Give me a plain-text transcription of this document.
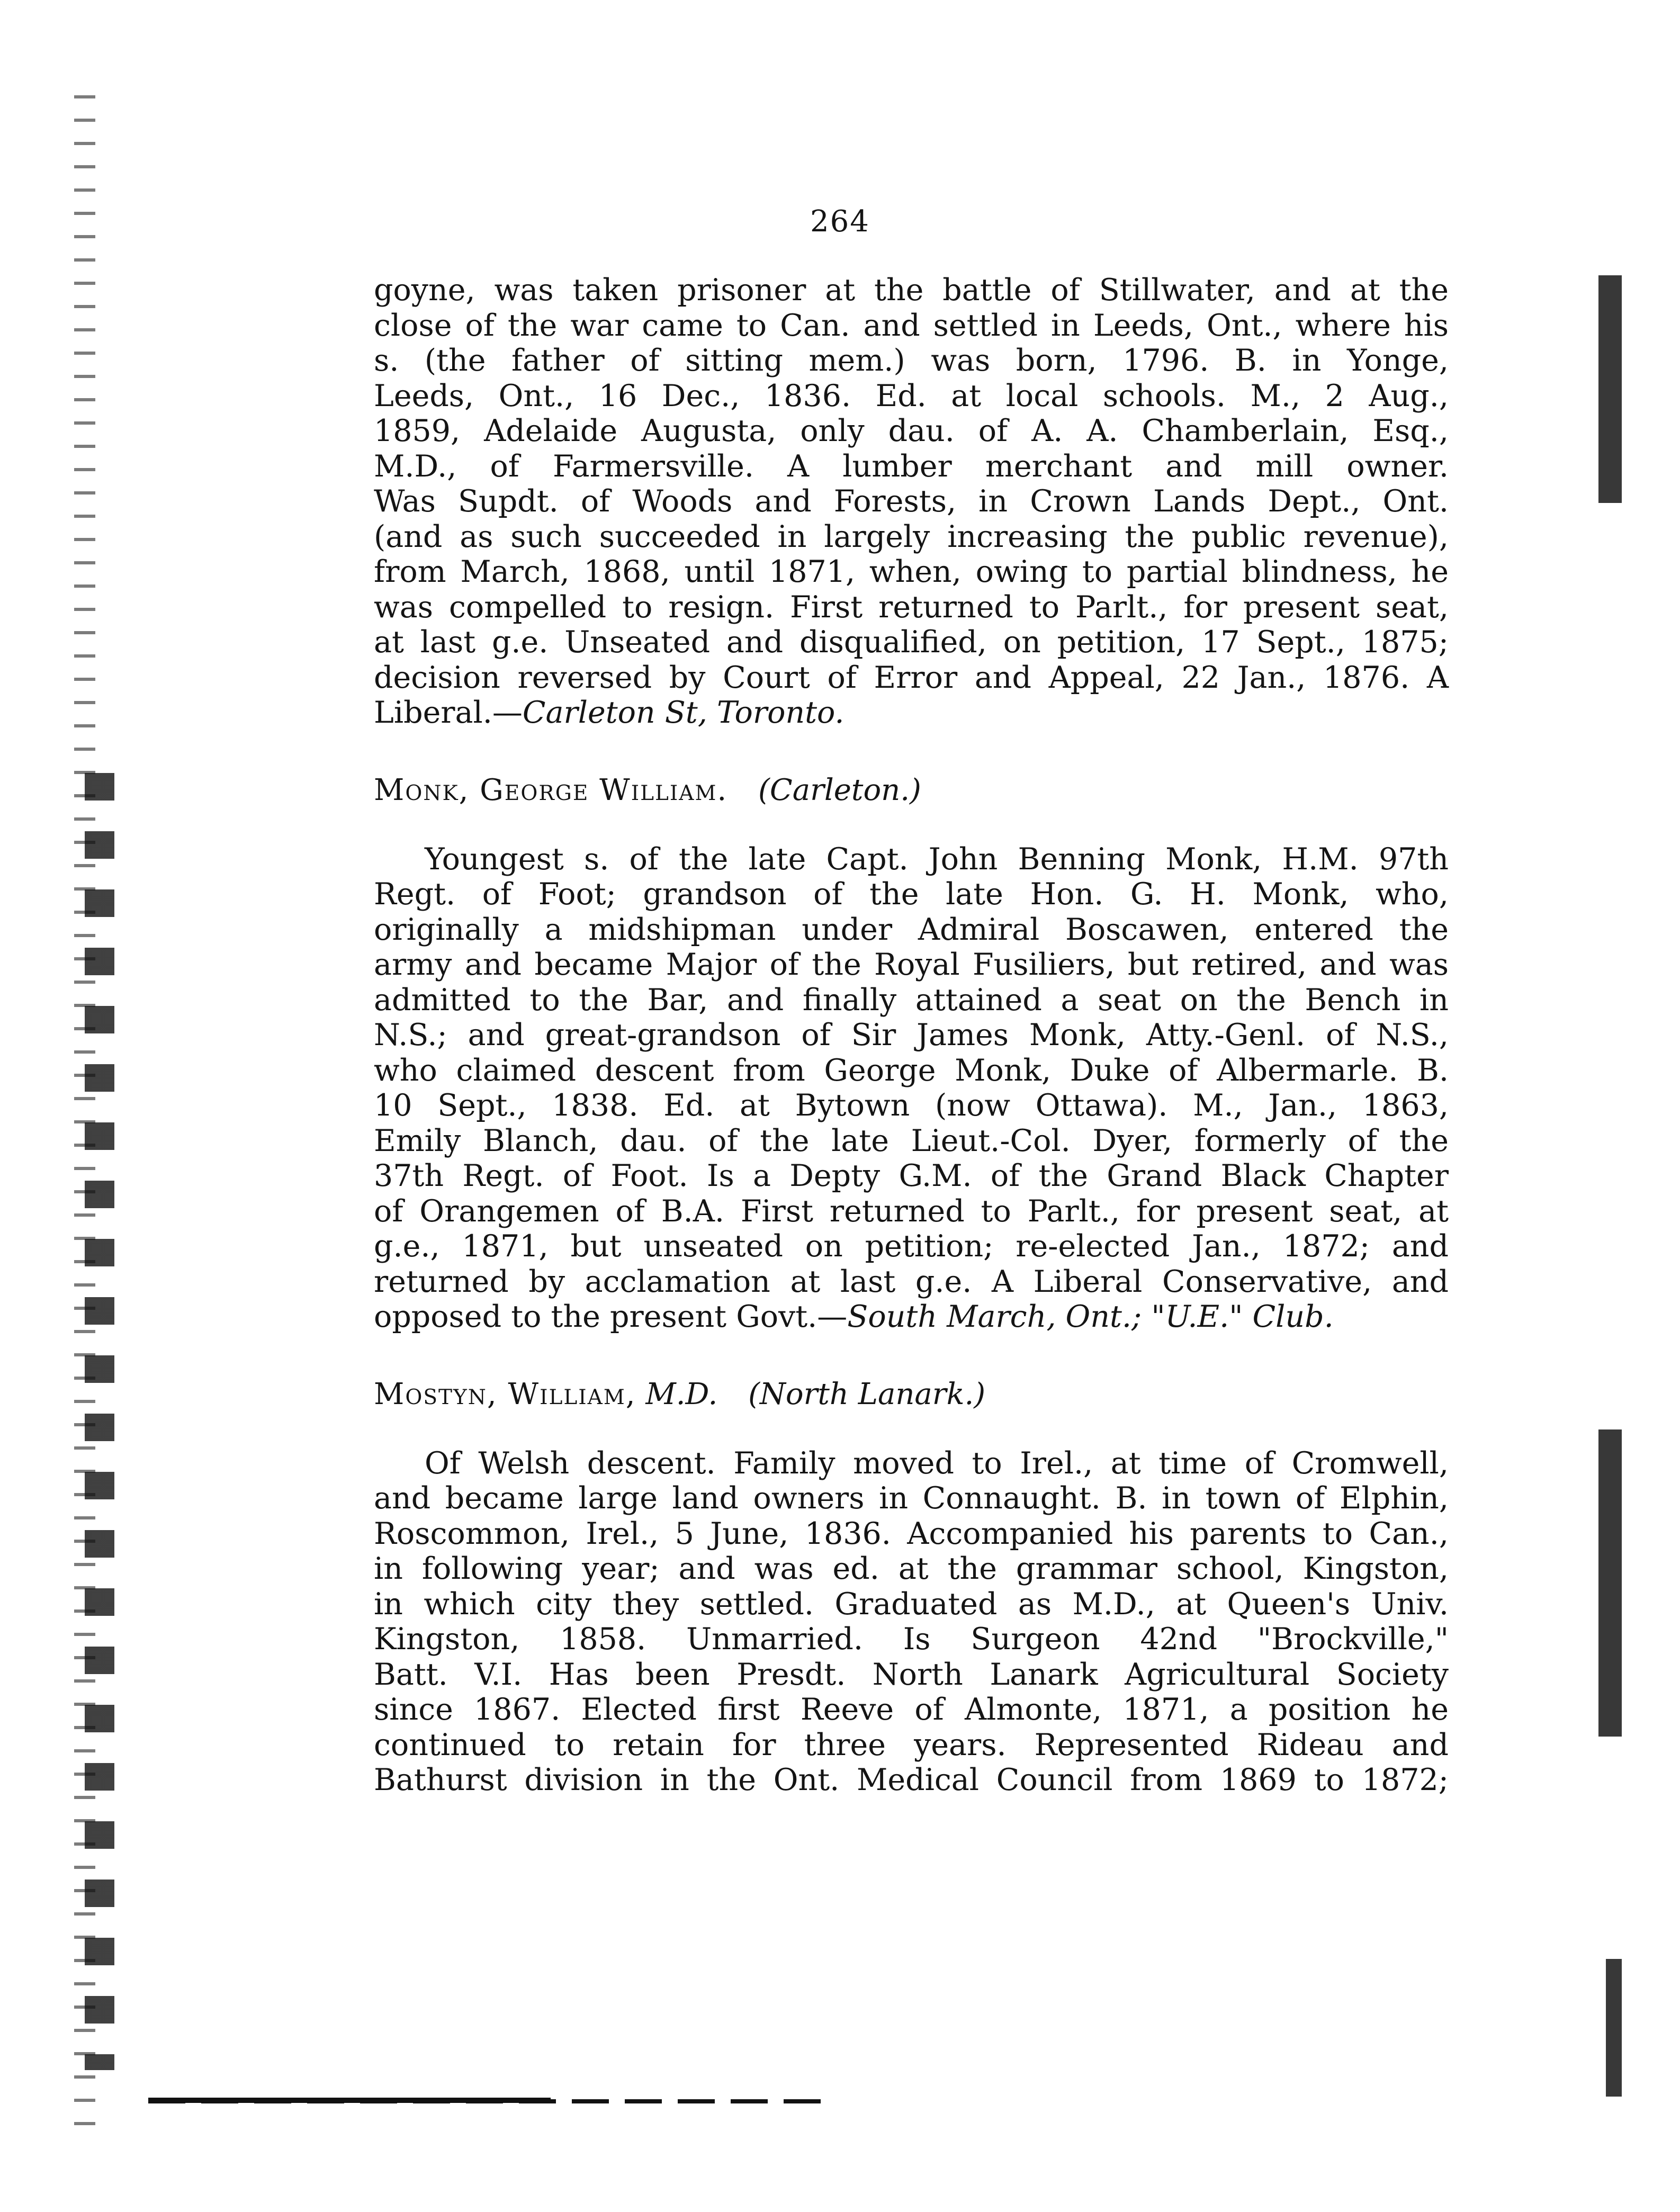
264
goyne, was taken prisoner at the battle of Stillwater, and at the
close of the war came to Can. and settled in Leeds, Ont., where his
s. (the father of sitting mem.) was born, 1796. B. in Yonge,
Leeds, Ont., 16 Dec., 1836. Ed. at local schools. M., 2 Aug.,
1859, Adelaide Augusta, only dau. of A. A. Chamberlain, Esq.,
M.D., of Farmersville. A lumber merchant and mill owner.
Was Supdt. of Woods and Forests, in Crown Lands Dept., Ont.
(and as such succeeded in largely increasing the public revenue),
from March, 1868, until 1871, when, owing to partial blindness, he
was compelled to resign. First returned to Parlt., for present seat,
at last g.e. Unseated and disqualified, on petition, 17 Sept., 1875;
decision reversed by Court of Error and Appeal, 22 Jan., 1876. A
Liberal.—Carleton St, Toronto.
Monk, George William. (Carleton.)
Youngest s. of the late Capt. John Benning Monk, H.M. 97th
Regt. of Foot; grandson of the late Hon. G. H. Monk, who,
originally a midshipman under Admiral Boscawen, entered the
army and became Major of the Royal Fusiliers, but retired, and was
admitted to the Bar, and finally attained a seat on the Bench in
N.S.; and great-grandson of Sir James Monk, Atty.-Genl. of N.S.,
who claimed descent from George Monk, Duke of Albermarle. B.
10 Sept., 1838. Ed. at Bytown (now Ottawa). M., Jan., 1863,
Emily Blanch, dau. of the late Lieut.-Col. Dyer, formerly of the
37th Regt. of Foot. Is a Depty G.M. of the Grand Black Chapter
of Orangemen of B.A. First returned to Parlt., for present seat, at
g.e., 1871, but unseated on petition; re-elected Jan., 1872; and
returned by acclamation at last g.e. A Liberal Conservative, and
opposed to the present Govt.—South March, Ont.; "U.E." Club.
Mostyn, William, M.D. (North Lanark.)
Of Welsh descent. Family moved to Irel., at time of Cromwell,
and became large land owners in Connaught. B. in town of Elphin,
Roscommon, Irel., 5 June, 1836. Accompanied his parents to Can.,
in following year; and was ed. at the grammar school, Kingston,
in which city they settled. Graduated as M.D., at Queen's Univ.
Kingston, 1858. Unmarried. Is Surgeon 42nd "Brockville,"
Batt. V.I. Has been Presdt. North Lanark Agricultural Society
since 1867. Elected first Reeve of Almonte, 1871, a position he
continued to retain for three years. Represented Rideau and
Bathurst division in the Ont. Medical Council from 1869 to 1872;
